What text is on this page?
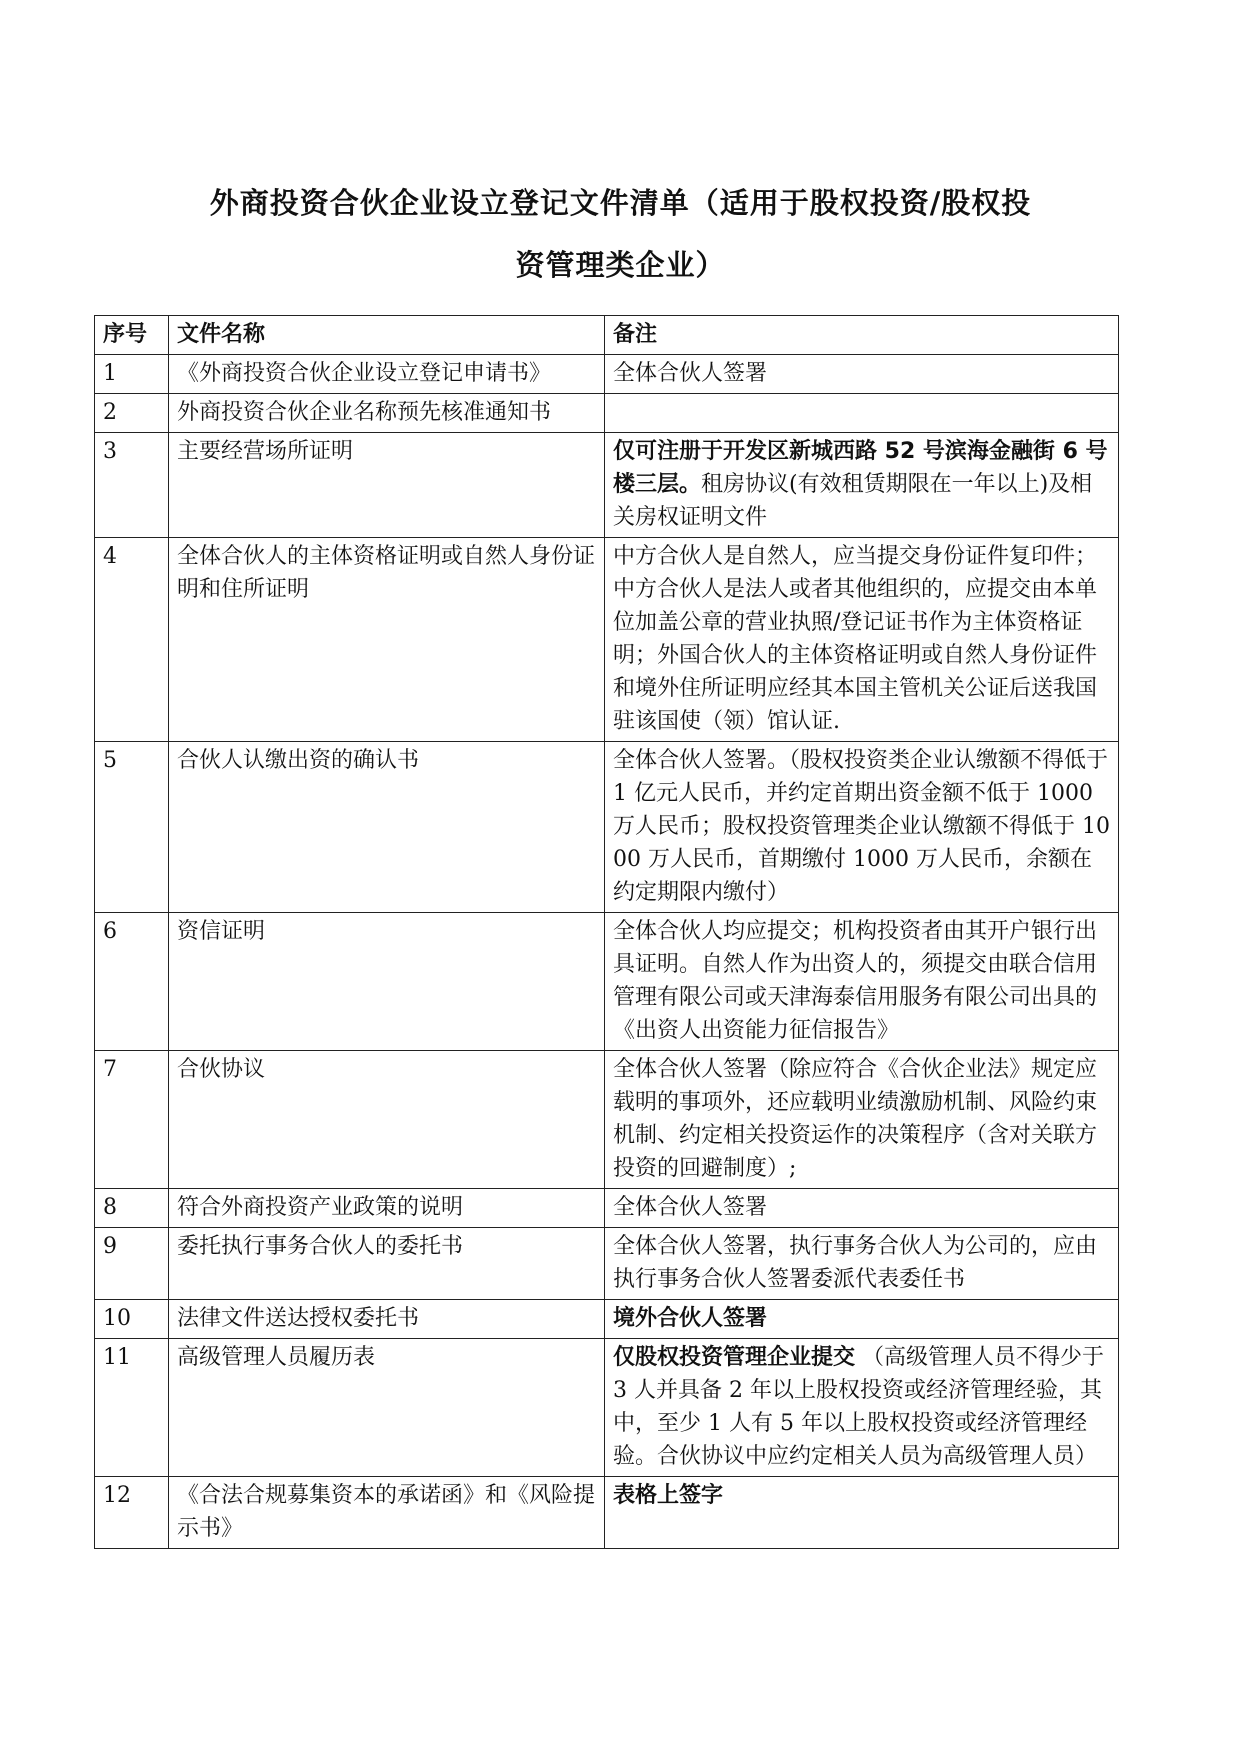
外商投资合伙企业设立登记文件清单（适用于股权投资/股权投
资管理类企业）
序号	文件名称	备注
1	《外商投资合伙企业设立登记申请书》	全体合伙人签署
2	外商投资合伙企业名称预先核准通知书	
3	主要经营场所证明	仅可注册于开发区新城西路 52 号滨海金融街 6 号楼三层。租房协议(有效租赁期限在一年以上)及相关房权证明文件
4	全体合伙人的主体资格证明或自然人身份证明和住所证明	中方合伙人是自然人，应当提交身份证件复印件；中方合伙人是法人或者其他组织的，应提交由本单位加盖公章的营业执照/登记证书作为主体资格证明；外国合伙人的主体资格证明或自然人身份证件和境外住所证明应经其本国主管机关公证后送我国驻该国使（领）馆认证.
5	合伙人认缴出资的确认书	全体合伙人签署。（股权投资类企业认缴额不得低于 1 亿元人民币，并约定首期出资金额不低于 1000 万人民币；股权投资管理类企业认缴额不得低于 1000 万人民币，首期缴付 1000 万人民币，余额在约定期限内缴付）
6	资信证明	全体合伙人均应提交；机构投资者由其开户银行出具证明。自然人作为出资人的，须提交由联合信用管理有限公司或天津海泰信用服务有限公司出具的《出资人出资能力征信报告》
7	合伙协议	全体合伙人签署（除应符合《合伙企业法》规定应载明的事项外，还应载明业绩激励机制、风险约束机制、约定相关投资运作的决策程序（含对关联方投资的回避制度）;
8	符合外商投资产业政策的说明	全体合伙人签署
9	委托执行事务合伙人的委托书	全体合伙人签署，执行事务合伙人为公司的，应由执行事务合伙人签署委派代表委任书
10	法律文件送达授权委托书	境外合伙人签署
11	高级管理人员履历表	仅股权投资管理企业提交 （高级管理人员不得少于 3 人并具备 2 年以上股权投资或经济管理经验，其中，至少 1 人有 5 年以上股权投资或经济管理经验。合伙协议中应约定相关人员为高级管理人员）
12	《合法合规募集资本的承诺函》和《风险提示书》	表格上签字
